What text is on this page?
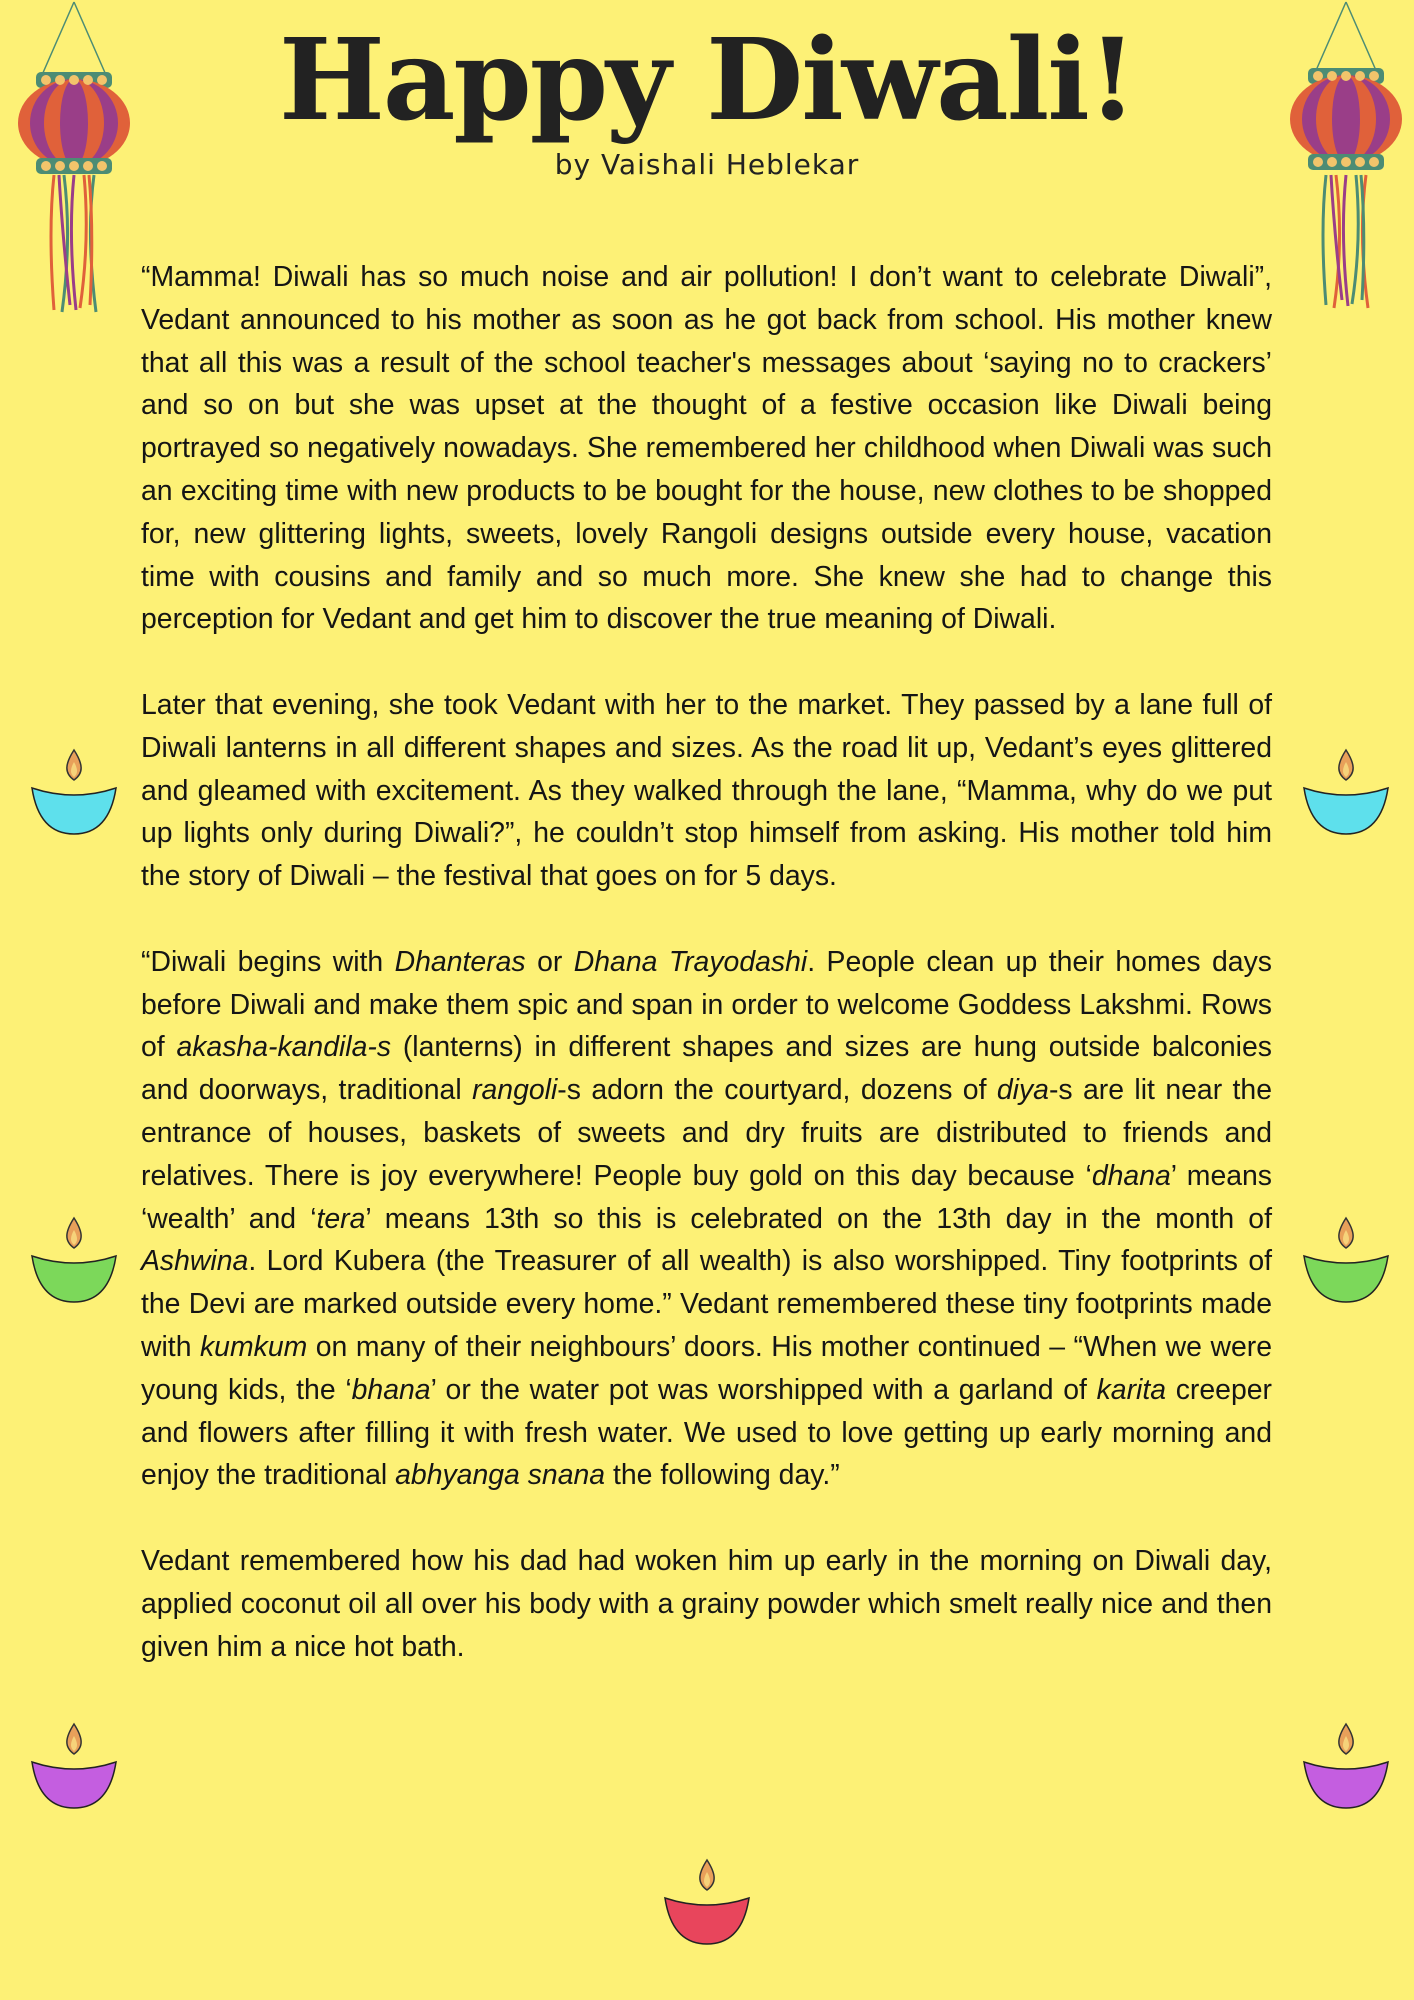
Happy Diwali!
by Vaishali Heblekar

“Mamma! Diwali has so much noise and air pollution! I don’t want to celebrate Diwali”, Vedant announced to his mother as soon as he got back from school. His mother knew that all this was a result of the school teacher's messages about ‘saying no to crackers’ and so on but she was upset at the thought of a festive occasion like Diwali being portrayed so negatively nowadays. She remembered her childhood when Diwali was such an exciting time with new products to be bought for the house, new clothes to be shopped for, new glittering lights, sweets, lovely Rangoli designs outside every house, vacation time with cousins and family and so much more. She knew she had to change this perception for Vedant and get him to discover the true meaning of Diwali.

Later that evening, she took Vedant with her to the market. They passed by a lane full of Diwali lanterns in all different shapes and sizes. As the road lit up, Vedant’s eyes glittered and gleamed with excitement. As they walked through the lane, “Mamma, why do we put up lights only during Diwali?”, he couldn’t stop himself from asking. His mother told him the story of Diwali – the festival that goes on for 5 days.

“Diwali begins with Dhanteras or Dhana Trayodashi. People clean up their homes days before Diwali and make them spic and span in order to welcome Goddess Lakshmi. Rows of akasha-kandila-s (lanterns) in different shapes and sizes are hung outside balconies and doorways, traditional rangoli-s adorn the courtyard, dozens of diya-s are lit near the entrance of houses, baskets of sweets and dry fruits are distributed to friends and relatives. There is joy everywhere! People buy gold on this day because ‘dhana’ means ‘wealth’ and ‘tera’ means 13th so this is celebrated on the 13th day in the month of Ashwina. Lord Kubera (the Treasurer of all wealth) is also worshipped. Tiny footprints of the Devi are marked outside every home.” Vedant remembered these tiny footprints made with kumkum on many of their neighbours’ doors. His mother continued – “When we were young kids, the ‘bhana’ or the water pot was worshipped with a garland of karita creeper and flowers after filling it with fresh water. We used to love getting up early morning and enjoy the traditional abhyanga snana the following day.”

Vedant remembered how his dad had woken him up early in the morning on Diwali day, applied coconut oil all over his body with a grainy powder which smelt really nice and then given him a nice hot bath.
